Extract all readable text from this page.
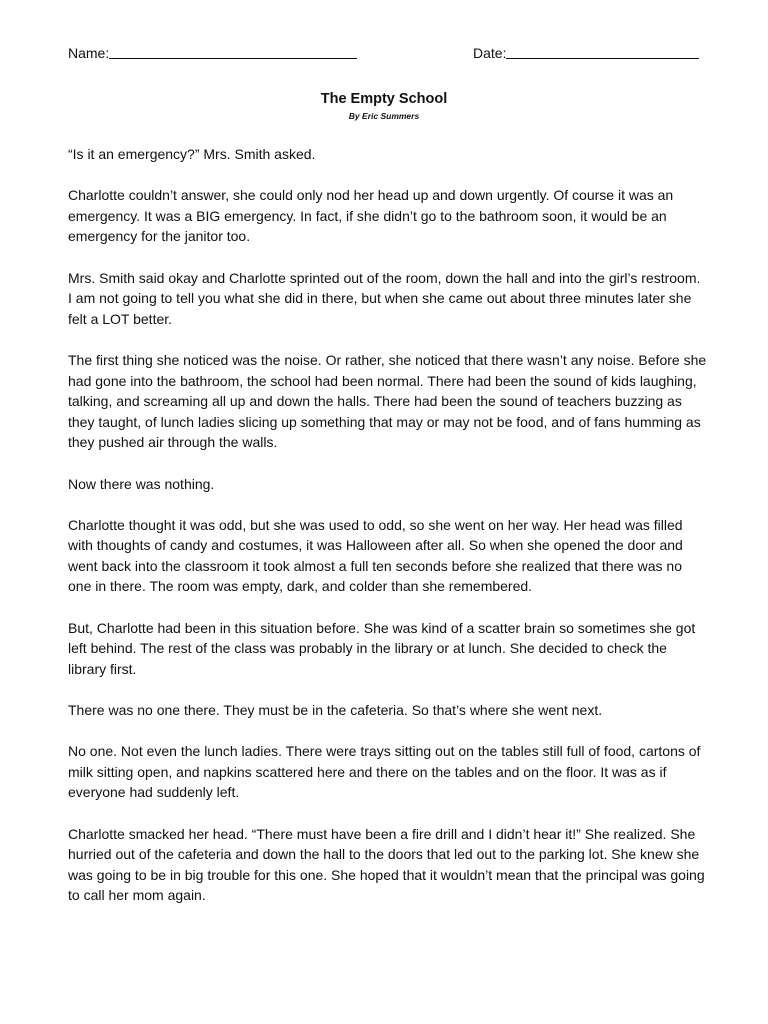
Name:	Date:
The Empty School
By Eric Summers

“Is it an emergency?” Mrs. Smith asked.

Charlotte couldn’t answer, she could only nod her head up and down urgently. Of course it was an emergency. It was a BIG emergency. In fact, if she didn’t go to the bathroom soon, it would be an emergency for the janitor too.

Mrs. Smith said okay and Charlotte sprinted out of the room, down the hall and into the girl’s restroom. I am not going to tell you what she did in there, but when she came out about three minutes later she felt a LOT better.

The first thing she noticed was the noise. Or rather, she noticed that there wasn’t any noise. Before she had gone into the bathroom, the school had been normal. There had been the sound of kids laughing, talking, and screaming all up and down the halls. There had been the sound of teachers buzzing as they taught, of lunch ladies slicing up something that may or may not be food, and of fans humming as they pushed air through the walls.

Now there was nothing.

Charlotte thought it was odd, but she was used to odd, so she went on her way. Her head was filled with thoughts of candy and costumes, it was Halloween after all. So when she opened the door and went back into the classroom it took almost a full ten seconds before she realized that there was no one in there. The room was empty, dark, and colder than she remembered.

But, Charlotte had been in this situation before. She was kind of a scatter brain so sometimes she got left behind. The rest of the class was probably in the library or at lunch. She decided to check the library first.

There was no one there. They must be in the cafeteria. So that’s where she went next.

No one. Not even the lunch ladies. There were trays sitting out on the tables still full of food, cartons of milk sitting open, and napkins scattered here and there on the tables and on the floor. It was as if everyone had suddenly left.

Charlotte smacked her head. “There must have been a fire drill and I didn’t hear it!” She realized. She hurried out of the cafeteria and down the hall to the doors that led out to the parking lot. She knew she was going to be in big trouble for this one. She hoped that it wouldn’t mean that the principal was going to call her mom again.
